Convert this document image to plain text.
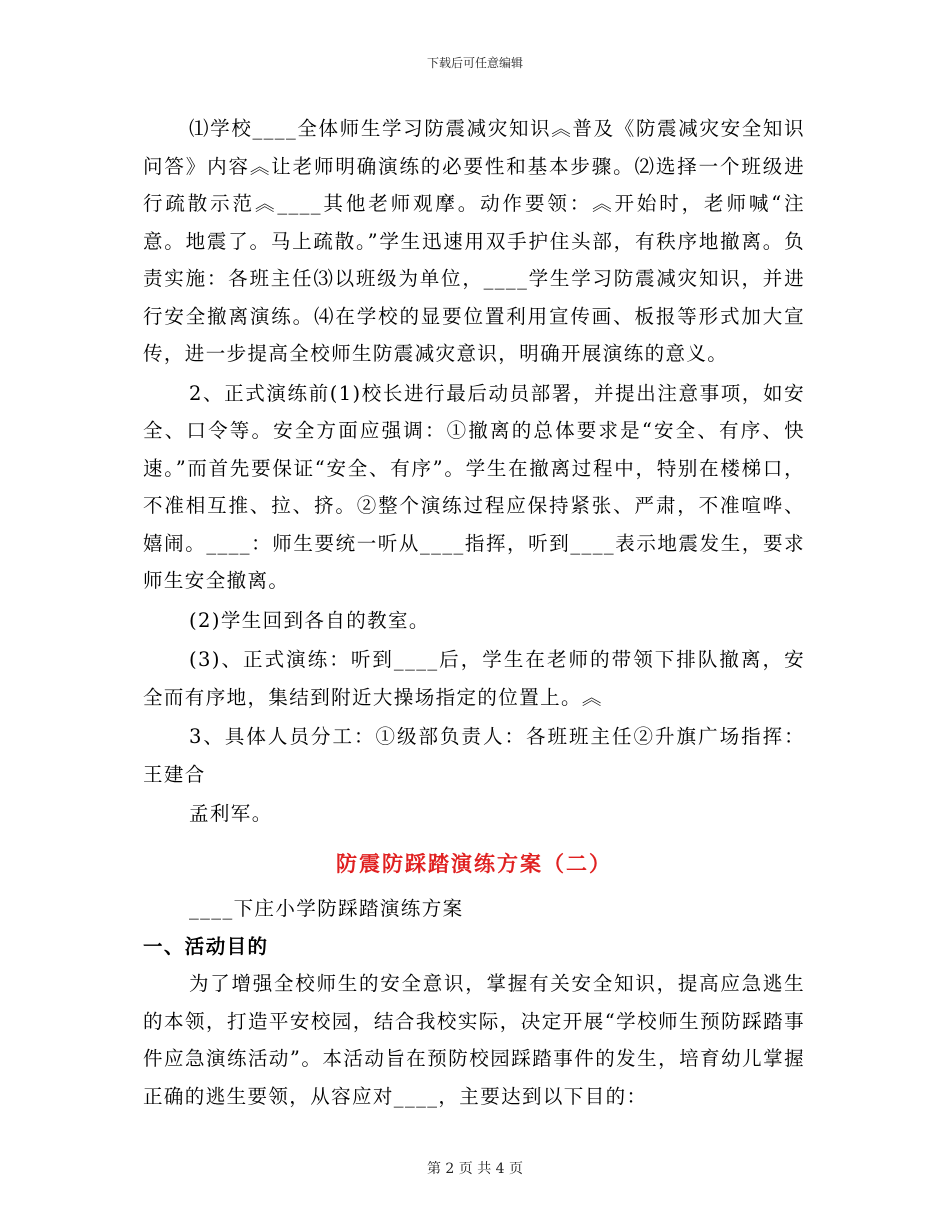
下载后可任意编辑

⑴学校____全体师生学习防震减灾知识︽普及《防震减灾安全知识问答》内容︽让老师明确演练的必要性和基本步骤。⑵选择一个班级进行疏散示范︽____其他老师观摩。动作要领：︽开始时，老师喊“注意。地震了。马上疏散。”学生迅速用双手护住头部，有秩序地撤离。负责实施：各班主任⑶以班级为单位，____学生学习防震减灾知识，并进行安全撤离演练。⑷在学校的显要位置利用宣传画、板报等形式加大宣传，进一步提高全校师生防震减灾意识，明确开展演练的意义。

2、正式演练前(1)校长进行最后动员部署，并提出注意事项，如安全、口令等。安全方面应强调：①撤离的总体要求是“安全、有序、快速。”而首先要保证“安全、有序”。学生在撤离过程中，特别在楼梯口，不准相互推、拉、挤。②整个演练过程应保持紧张、严肃，不准喧哗、嬉闹。____：师生要统一听从____指挥，听到____表示地震发生，要求师生安全撤离。

(2)学生回到各自的教室。

(3)、正式演练：听到____后，学生在老师的带领下排队撤离，安全而有序地，集结到附近大操场指定的位置上。︽

3、具体人员分工：①级部负责人：各班班主任②升旗广场指挥：王建合

孟利军。

防震防踩踏演练方案（二）

____下庄小学防踩踏演练方案

一、活动目的

为了增强全校师生的安全意识，掌握有关安全知识，提高应急逃生的本领，打造平安校园，结合我校实际，决定开展“学校师生预防踩踏事件应急演练活动”。本活动旨在预防校园踩踏事件的发生，培育幼儿掌握正确的逃生要领，从容应对____，主要达到以下目的：

第 2 页 共 4 页
